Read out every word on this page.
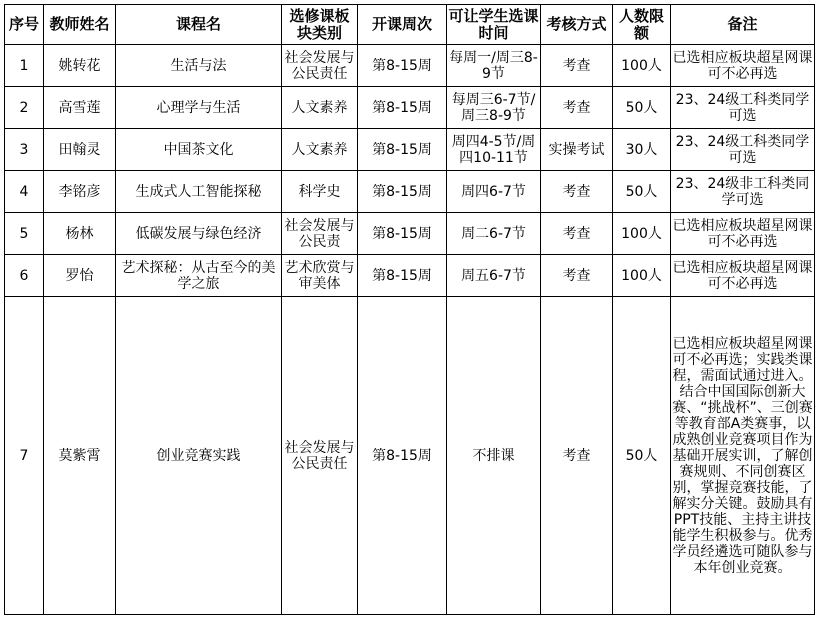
序号	教师姓名	课程名	选修课板块类别	开课周次	可让学生选课时间	考核方式	人数限额	备注
1	姚转花	生活与法	社会发展与公民责任	第8-15周	每周一/周三8-9节	考查	100人	已选相应板块超星网课可不必再选
2	高雪莲	心理学与生活	人文素养	第8-15周	每周三6-7节/周三8-9节	考查	50人	23、24级工科类同学可选
3	田翰灵	中国茶文化	人文素养	第8-15周	周四4-5节/周四10-11节	实操考试	30人	23、24级工科类同学可选
4	李铭彦	生成式人工智能探秘	科学史	第8-15周	周四6-7节	考查	50人	23、24级非工科类同学可选
5	杨林	低碳发展与绿色经济	社会发展与公民责	第8-15周	周二6-7节	考查	100人	已选相应板块超星网课可不必再选
6	罗怡	艺术探秘：从古至今的美学之旅	艺术欣赏与审美体	第8-15周	周五6-7节	考查	100人	已选相应板块超星网课可不必再选
7	莫紫霄	创业竞赛实践	社会发展与公民责任	第8-15周	不排课	考查	50人	已选相应板块超星网课可不必再选；实践类课程，需面试通过进入。结合中国国际创新大赛、“挑战杯”、三创赛等教育部A类赛事，以成熟创业竞赛项目作为基础开展实训，了解创赛规则、不同创赛区别，掌握竞赛技能，了解实分关键。鼓励具有PPT技能、主持主讲技能学生积极参与。优秀学员经遴选可随队参与本年创业竞赛。
